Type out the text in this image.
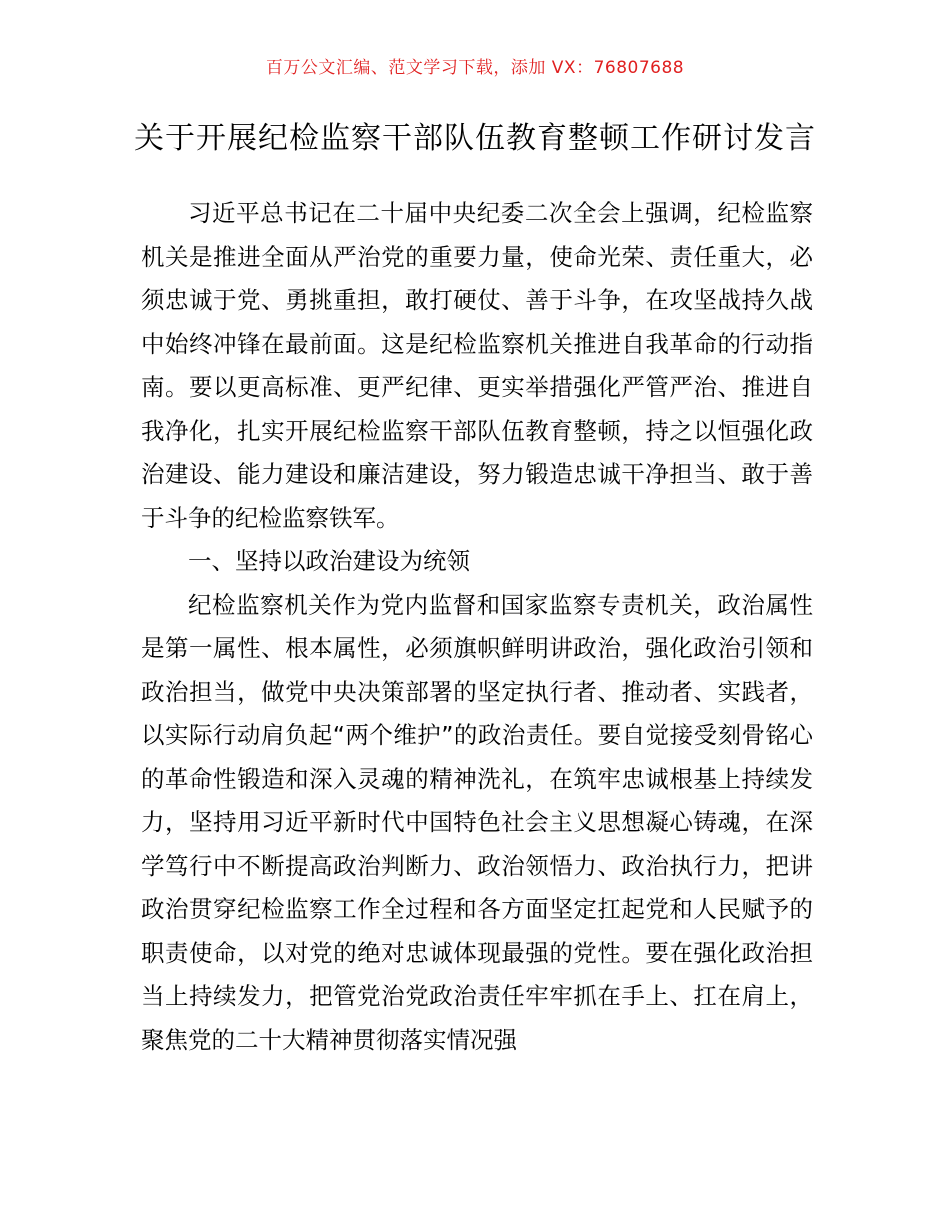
百万公文汇编、范文学习下载，添加 VX：76807688
关于开展纪检监察干部队伍教育整顿工作研讨发言

习近平总书记在二十届中央纪委二次全会上强调，纪检监察机关是推进全面从严治党的重要力量，使命光荣、责任重大，必须忠诚于党、勇挑重担，敢打硬仗、善于斗争，在攻坚战持久战中始终冲锋在最前面。这是纪检监察机关推进自我革命的行动指南。要以更高标准、更严纪律、更实举措强化严管严治、推进自我净化，扎实开展纪检监察干部队伍教育整顿，持之以恒强化政治建设、能力建设和廉洁建设，努力锻造忠诚干净担当、敢于善于斗争的纪检监察铁军。

一、坚持以政治建设为统领

纪检监察机关作为党内监督和国家监察专责机关，政治属性是第一属性、根本属性，必须旗帜鲜明讲政治，强化政治引领和政治担当，做党中央决策部署的坚定执行者、推动者、实践者，以实际行动肩负起“两个维护”的政治责任。要自觉接受刻骨铭心的革命性锻造和深入灵魂的精神洗礼，在筑牢忠诚根基上持续发力，坚持用习近平新时代中国特色社会主义思想凝心铸魂，在深学笃行中不断提高政治判断力、政治领悟力、政治执行力，把讲政治贯穿纪检监察工作全过程和各方面坚定扛起党和人民赋予的职责使命，以对党的绝对忠诚体现最强的党性。要在强化政治担当上持续发力，把管党治党政治责任牢牢抓在手上、扛在肩上，聚焦党的二十大精神贯彻落实情况强
